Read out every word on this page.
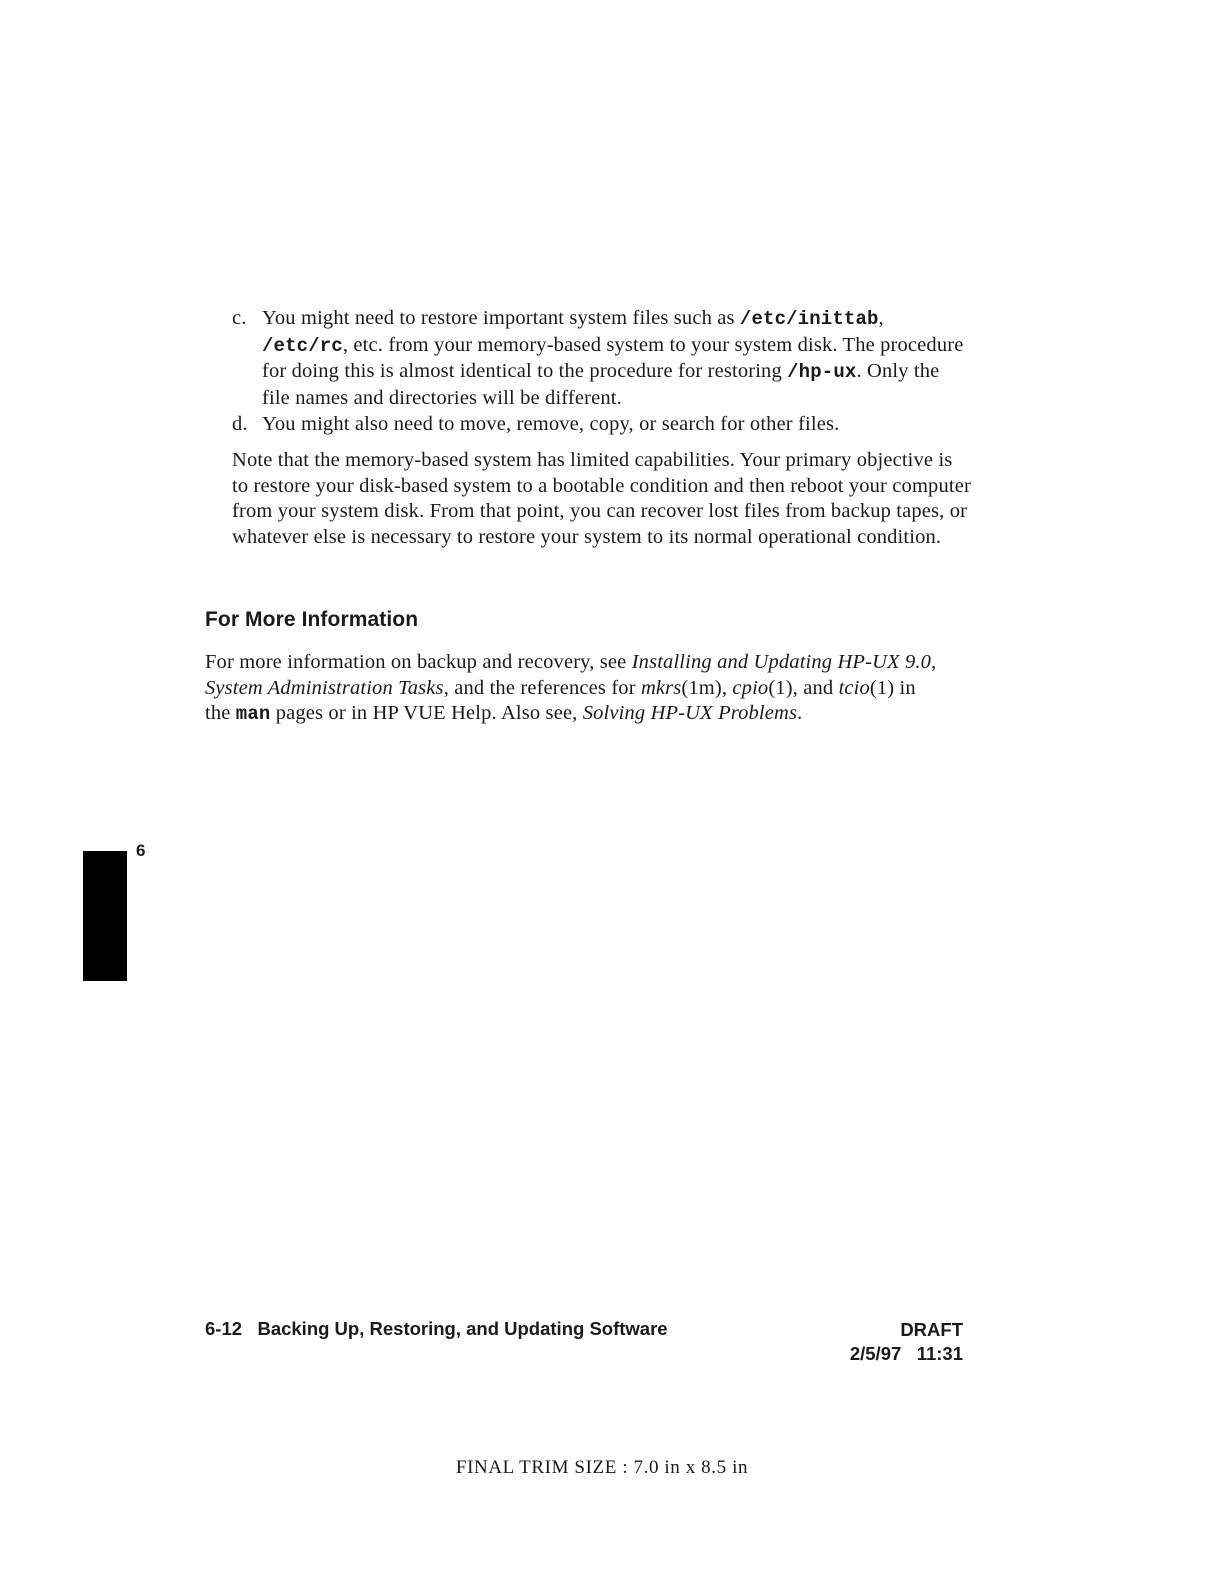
c. You might need to restore important system files such as /etc/inittab, /etc/rc, etc. from your memory-based system to your system disk. The procedure for doing this is almost identical to the procedure for restoring /hp-ux. Only the file names and directories will be different.
d. You might also need to move, remove, copy, or search for other files.

Note that the memory-based system has limited capabilities. Your primary objective is to restore your disk-based system to a bootable condition and then reboot your computer from your system disk. From that point, you can recover lost files from backup tapes, or whatever else is necessary to restore your system to its normal operational condition.

For More Information

For more information on backup and recovery, see Installing and Updating HP-UX 9.0, System Administration Tasks, and the references for mkrs(1m), cpio(1), and tcio(1) in the man pages or in HP VUE Help. Also see, Solving HP-UX Problems.

6
6-12 Backing Up, Restoring, and Updating Software	DRAFT
2/5/97 11:31
FINAL TRIM SIZE : 7.0 in x 8.5 in
